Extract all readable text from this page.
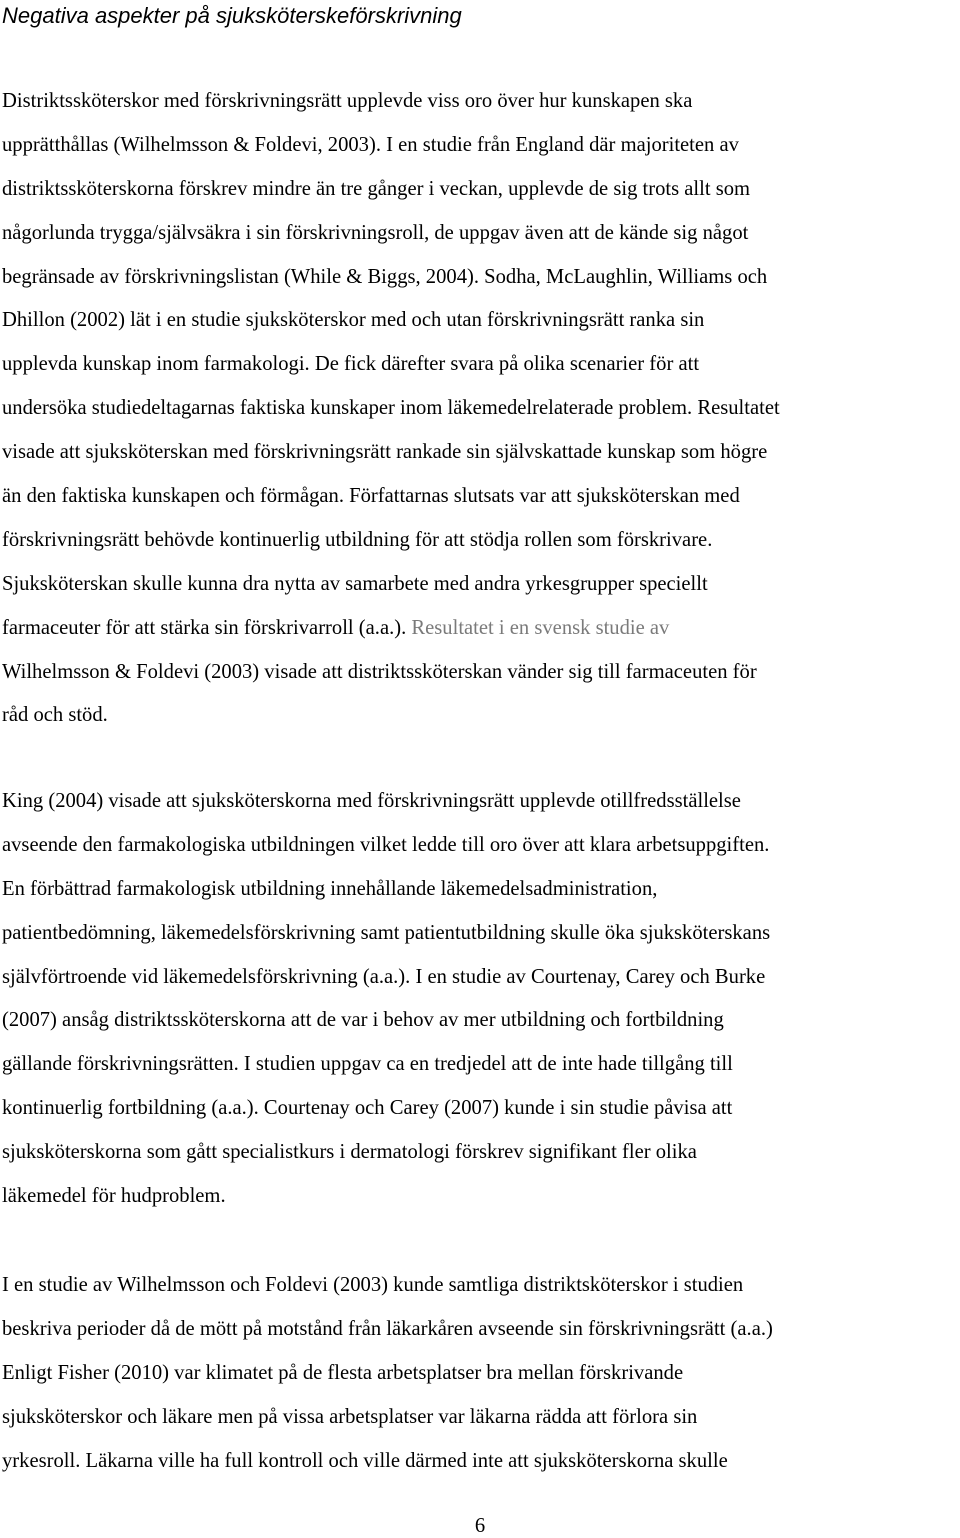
Negativa aspekter på sjuksköterskeförskrivning
Distriktssköterskor med förskrivningsrätt upplevde viss oro över hur kunskapen ska
upprätthållas (Wilhelmsson & Foldevi, 2003). I en studie från England där majoriteten av
distriktssköterskorna förskrev mindre än tre gånger i veckan, upplevde de sig trots allt som
någorlunda trygga/självsäkra i sin förskrivningsroll, de uppgav även att de kände sig något
begränsade av förskrivningslistan (While & Biggs, 2004). Sodha, McLaughlin, Williams och
Dhillon (2002) lät i en studie sjuksköterskor med och utan förskrivningsrätt ranka sin
upplevda kunskap inom farmakologi. De fick därefter svara på olika scenarier för att
undersöka studiedeltagarnas faktiska kunskaper inom läkemedelrelaterade problem. Resultatet
visade att sjuksköterskan med förskrivningsrätt rankade sin självskattade kunskap som högre
än den faktiska kunskapen och förmågan. Författarnas slutsats var att sjuksköterskan med
förskrivningsrätt behövde kontinuerlig utbildning för att stödja rollen som förskrivare.
Sjuksköterskan skulle kunna dra nytta av samarbete med andra yrkesgrupper speciellt
farmaceuter för att stärka sin förskrivarroll (a.a.). Resultatet i en svensk studie av
Wilhelmsson & Foldevi (2003) visade att distriktssköterskan vänder sig till farmaceuten för
råd och stöd.
King (2004) visade att sjuksköterskorna med förskrivningsrätt upplevde otillfredsställelse
avseende den farmakologiska utbildningen vilket ledde till oro över att klara arbetsuppgiften.
En förbättrad farmakologisk utbildning innehållande läkemedelsadministration,
patientbedömning, läkemedelsförskrivning samt patientutbildning skulle öka sjuksköterskans
självförtroende vid läkemedelsförskrivning (a.a.). I en studie av Courtenay, Carey och Burke
(2007) ansåg distriktssköterskorna att de var i behov av mer utbildning och fortbildning
gällande förskrivningsrätten. I studien uppgav ca en tredjedel att de inte hade tillgång till
kontinuerlig fortbildning (a.a.). Courtenay och Carey (2007) kunde i sin studie påvisa att
sjuksköterskorna som gått specialistkurs i dermatologi förskrev signifikant fler olika
läkemedel för hudproblem.
I en studie av Wilhelmsson och Foldevi (2003) kunde samtliga distriktsköterskor i studien
beskriva perioder då de mött på motstånd från läkarkåren avseende sin förskrivningsrätt (a.a.)
Enligt Fisher (2010) var klimatet på de flesta arbetsplatser bra mellan förskrivande
sjuksköterskor och läkare men på vissa arbetsplatser var läkarna rädda att förlora sin
yrkesroll. Läkarna ville ha full kontroll och ville därmed inte att sjuksköterskorna skulle
6
